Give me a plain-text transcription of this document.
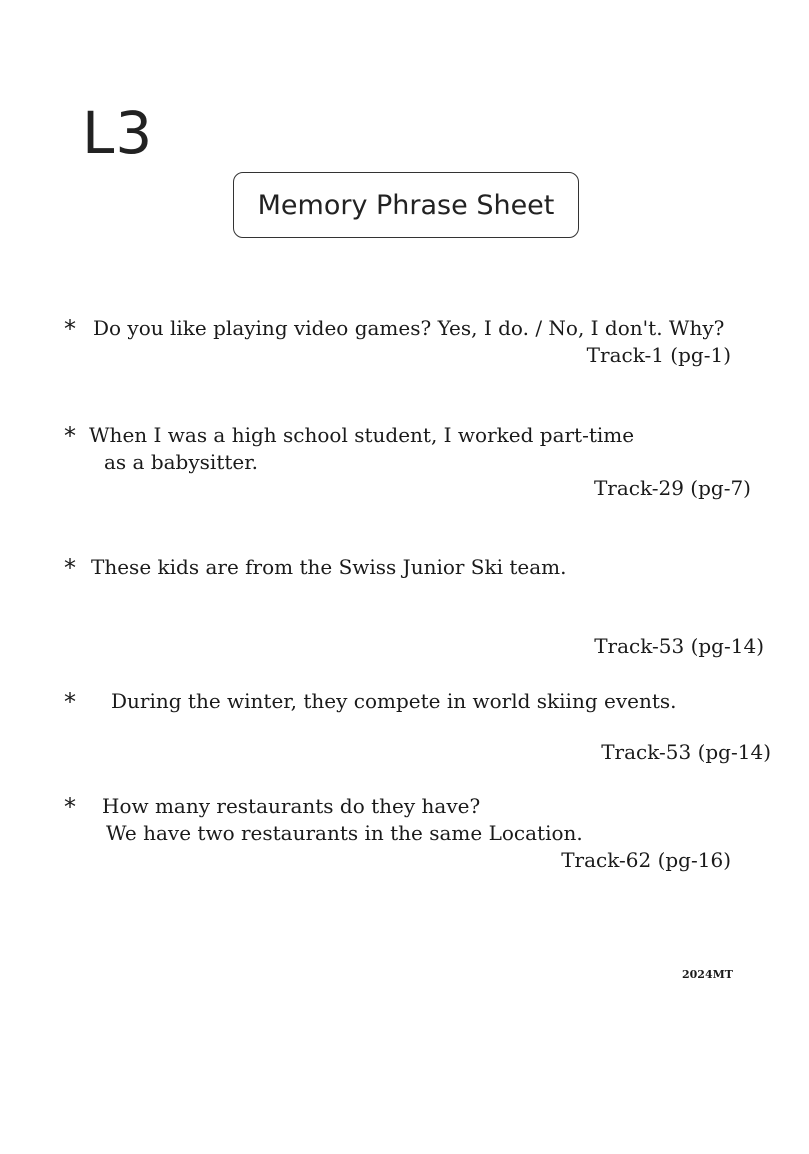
L3
Memory Phrase Sheet
* Do you like playing video games? Yes, I do. / No, I don't. Why?
Track-1 (pg-1)
* When I was a high school student, I worked part-time
as a babysitter.
Track-29 (pg-7)
* These kids are from the Swiss Junior Ski team.
Track-53 (pg-14)
* During the winter, they compete in world skiing events.
Track-53 (pg-14)
* How many restaurants do they have?
We have two restaurants in the same Location.
Track-62 (pg-16)
2024MT
